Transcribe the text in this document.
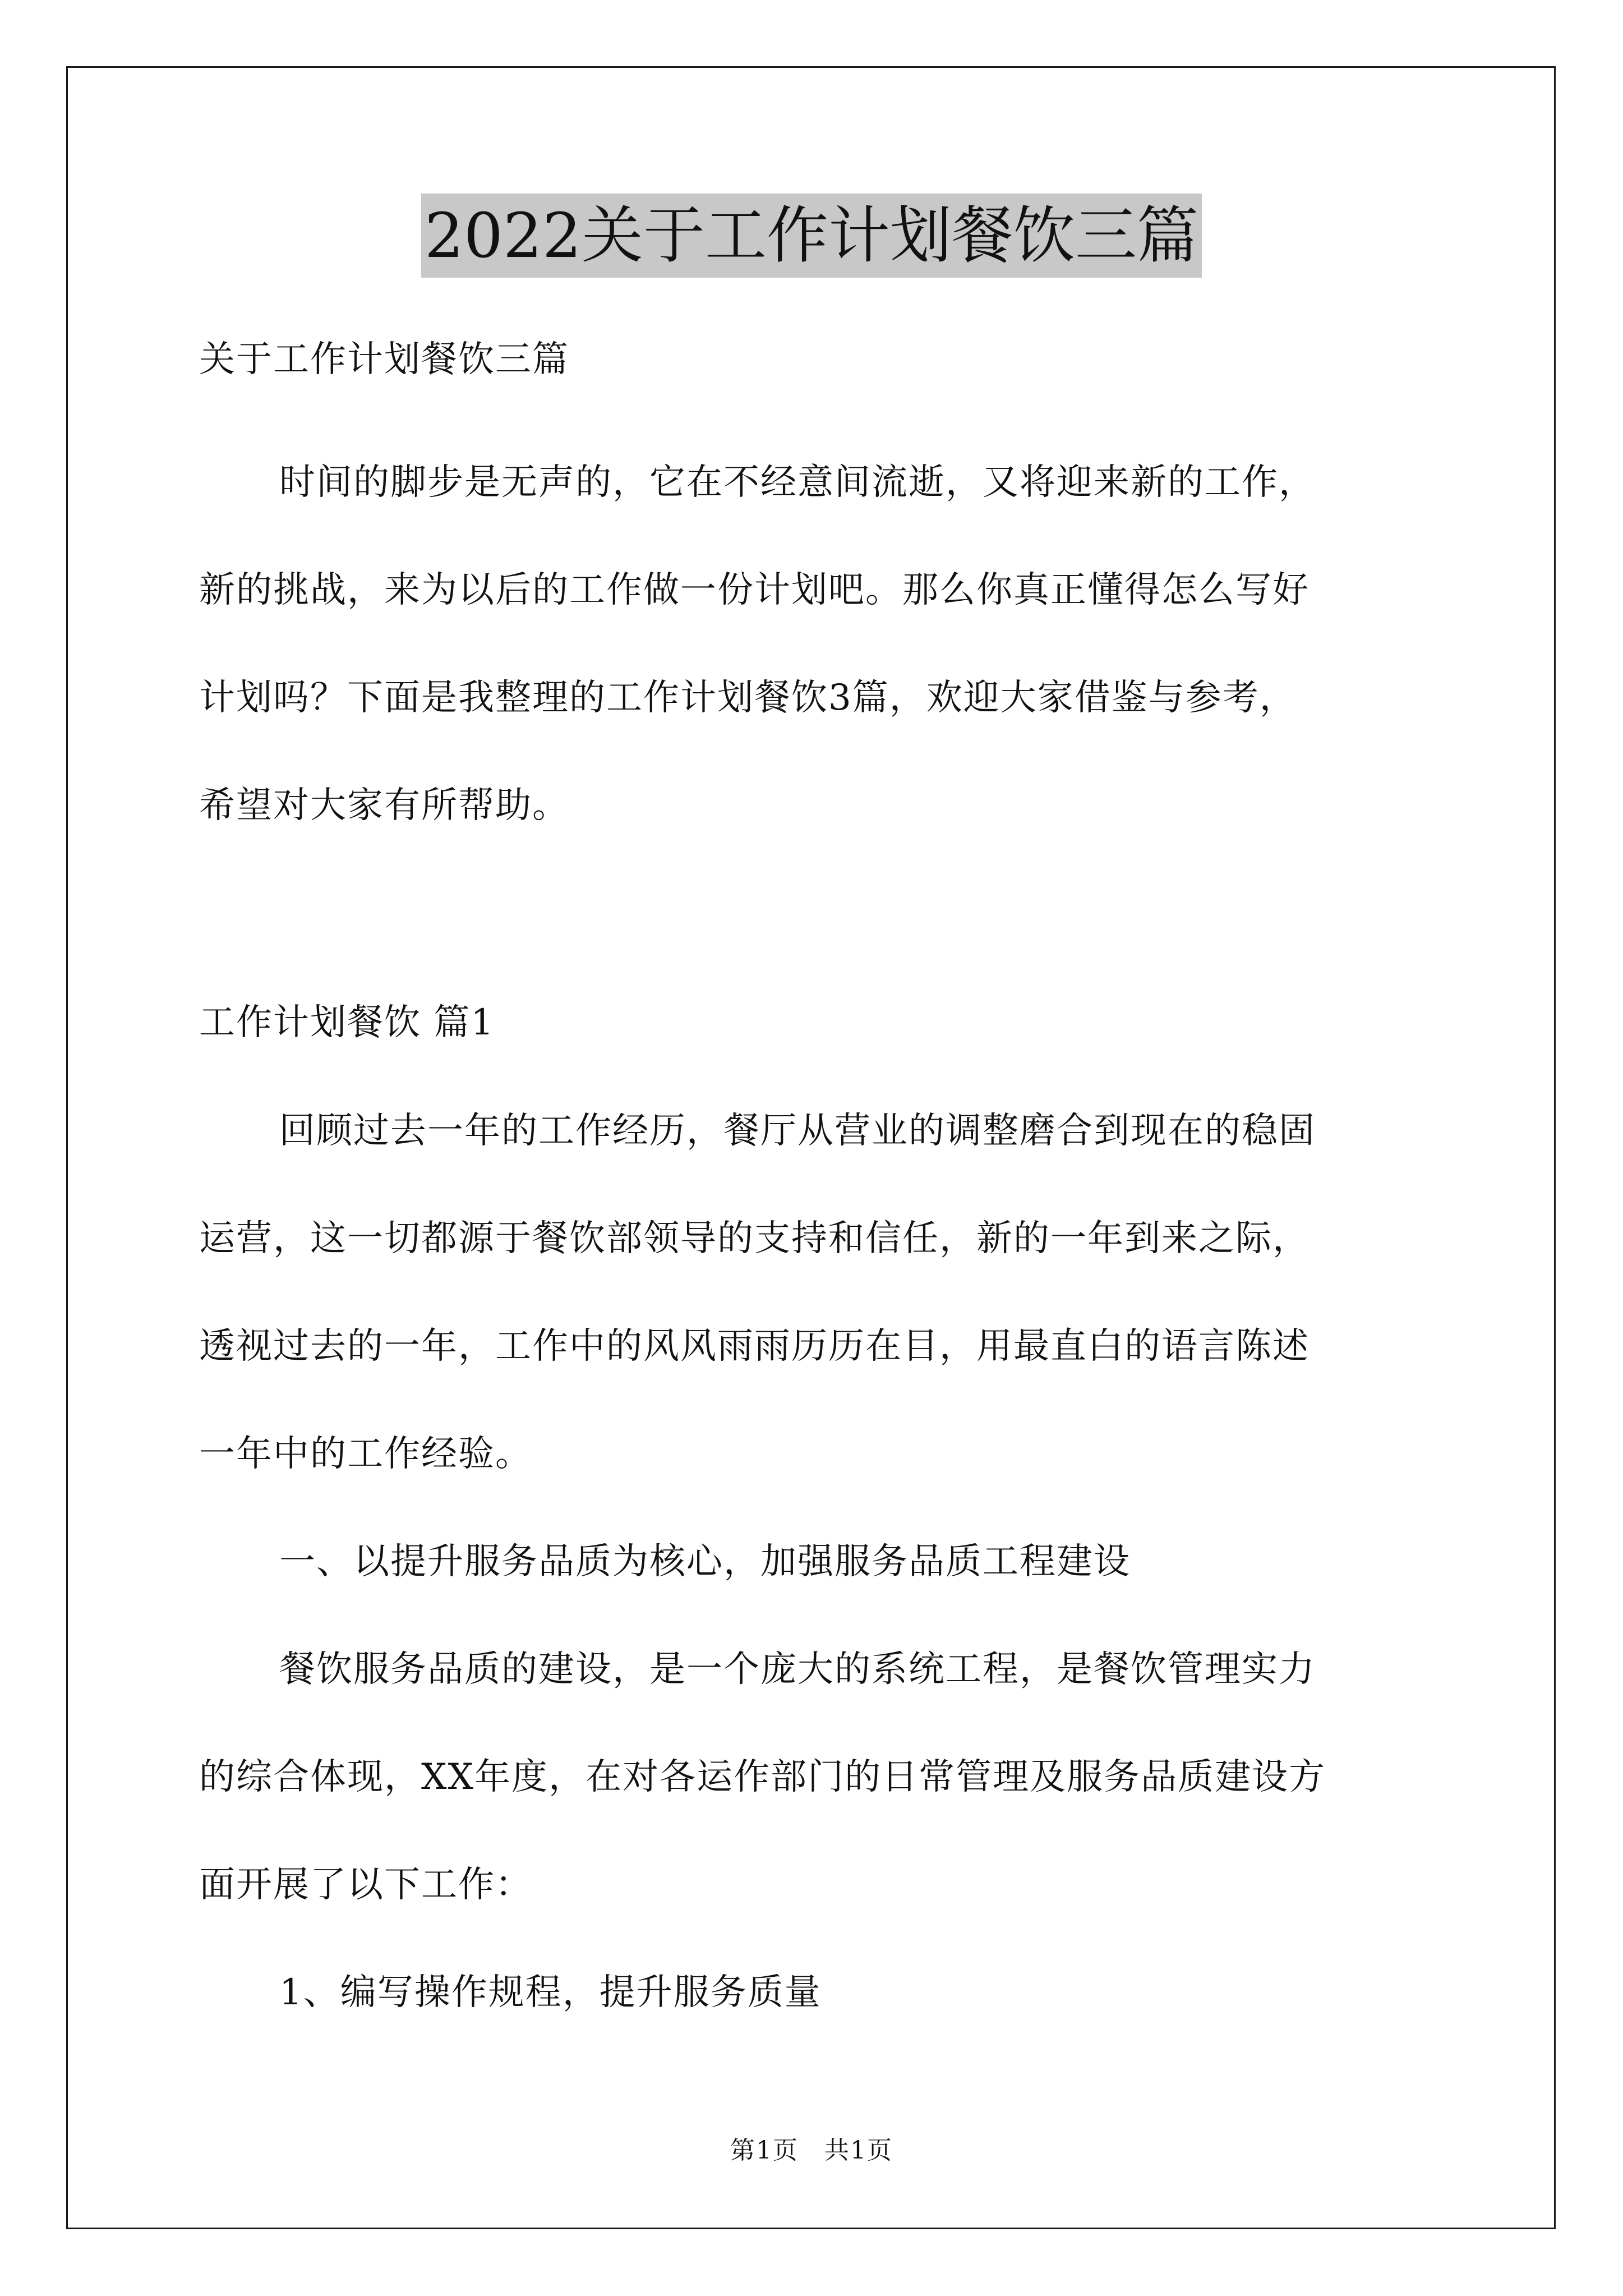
2022关于工作计划餐饮三篇
关于工作计划餐饮三篇
时间的脚步是无声的，它在不经意间流逝，又将迎来新的工作，
新的挑战，来为以后的工作做一份计划吧。那么你真正懂得怎么写好
计划吗？下面是我整理的工作计划餐饮3篇，欢迎大家借鉴与参考，
希望对大家有所帮助。
工作计划餐饮 篇1
回顾过去一年的工作经历，餐厅从营业的调整磨合到现在的稳固
运营，这一切都源于餐饮部领导的支持和信任，新的一年到来之际，
透视过去的一年，工作中的风风雨雨历历在目，用最直白的语言陈述
一年中的工作经验。
一、以提升服务品质为核心，加强服务品质工程建设
餐饮服务品质的建设，是一个庞大的系统工程，是餐饮管理实力
的综合体现，XX年度，在对各运作部门的日常管理及服务品质建设方
面开展了以下工作：
1、编写操作规程，提升服务质量
第1页　共1页
